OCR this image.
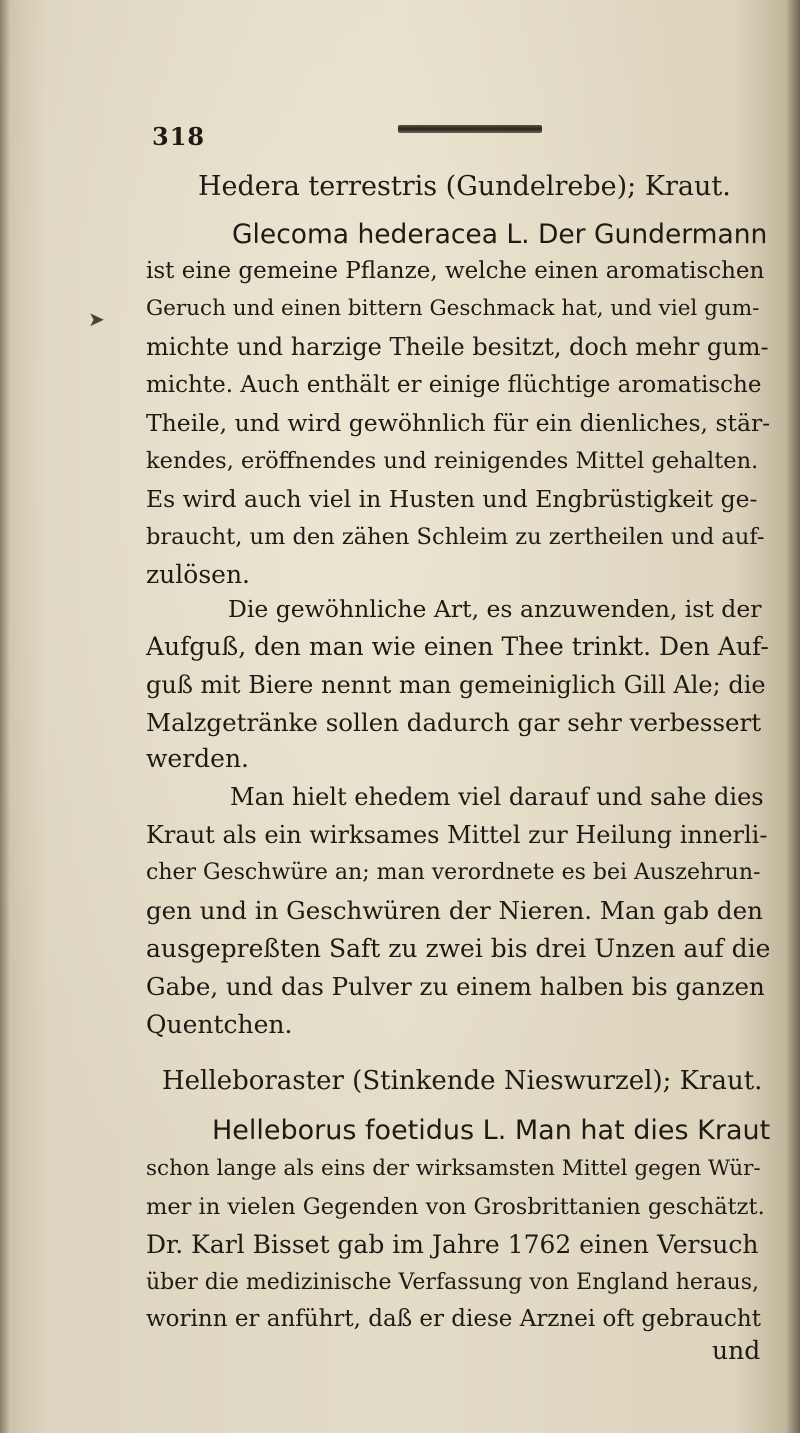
318
➤
Hedera terrestris (Gundelrebe); Kraut.
Glecoma hederacea L. Der Gundermann
ist eine gemeine Pflanze, welche einen aromatischen
Geruch und einen bittern Geschmack hat, und viel gum-
michte und harzige Theile besitzt, doch mehr gum-
michte. Auch enthält er einige flüchtige aromatische
Theile, und wird gewöhnlich für ein dienliches, stär-
kendes, eröffnendes und reinigendes Mittel gehalten.
Es wird auch viel in Husten und Engbrüstigkeit ge-
braucht, um den zähen Schleim zu zertheilen und auf-
zulösen.
Die gewöhnliche Art, es anzuwenden, ist der
Aufguß, den man wie einen Thee trinkt. Den Auf-
guß mit Biere nennt man gemeiniglich Gill Ale; die
Malzgetränke sollen dadurch gar sehr verbessert
werden.
Man hielt ehedem viel darauf und sahe dies
Kraut als ein wirksames Mittel zur Heilung innerli-
cher Geschwüre an; man verordnete es bei Auszehrun-
gen und in Geschwüren der Nieren. Man gab den
ausgepreßten Saft zu zwei bis drei Unzen auf die
Gabe, und das Pulver zu einem halben bis ganzen
Quentchen.
Helleboraster (Stinkende Nieswurzel); Kraut.
Helleborus foetidus L. Man hat dies Kraut
schon lange als eins der wirksamsten Mittel gegen Wür-
mer in vielen Gegenden von Grosbrittanien geschätzt.
Dr. Karl Bisset gab im Jahre 1762 einen Versuch
über die medizinische Verfassung von England heraus,
worinn er anführt, daß er diese Arznei oft gebraucht
und
